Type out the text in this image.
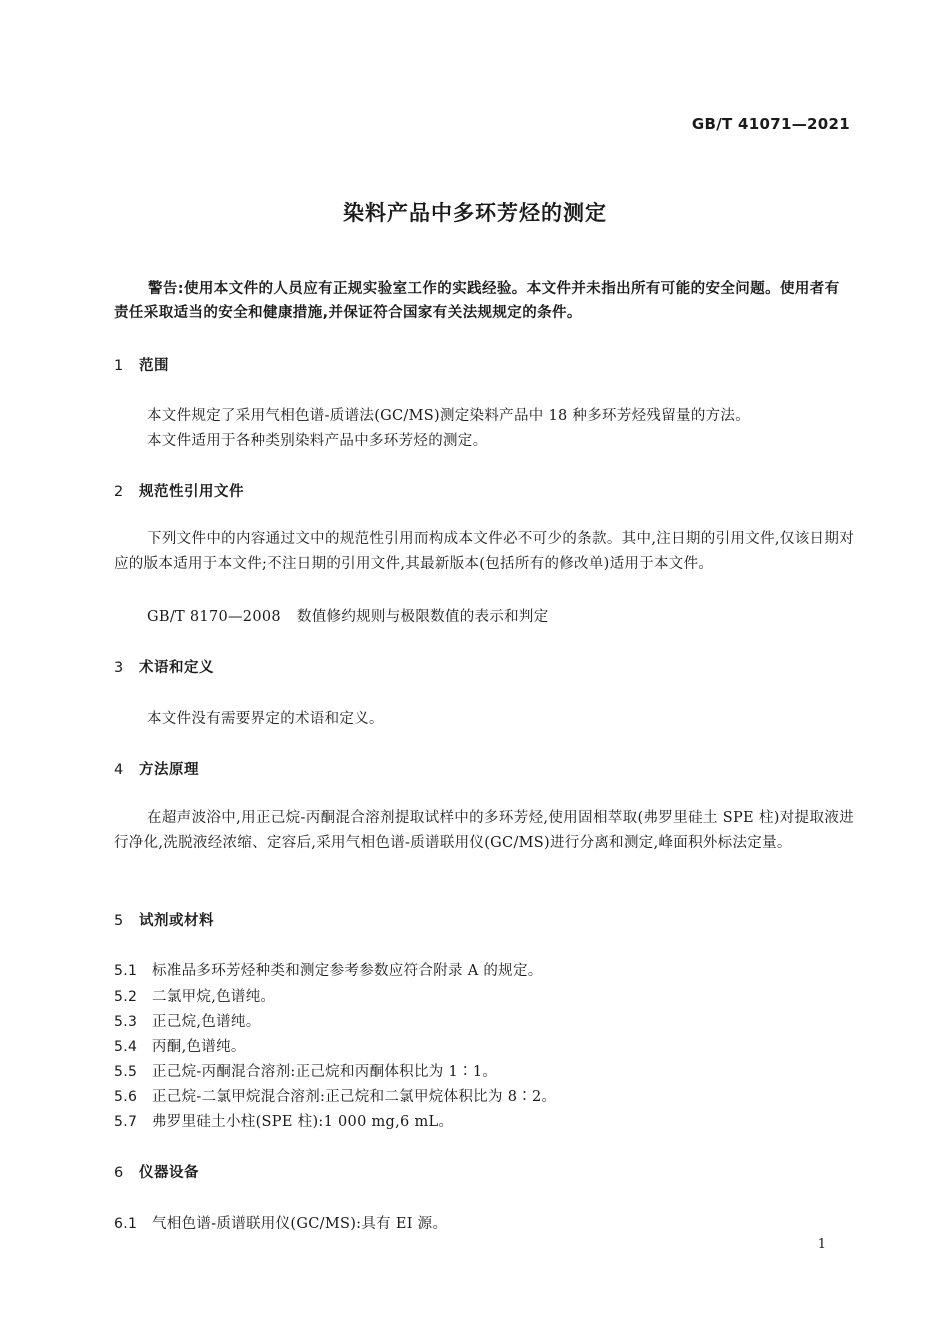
GB/T 41071—2021
染料产品中多环芳烃的测定
警告:使用本文件的人员应有正规实验室工作的实践经验。本文件并未指出所有可能的安全问题。使用者有责任采取适当的安全和健康措施,并保证符合国家有关法规规定的条件。
1 范围
本文件规定了采用气相色谱-质谱法(GC/MS)测定染料产品中 18 种多环芳烃残留量的方法。
本文件适用于各种类别染料产品中多环芳烃的测定。
2 规范性引用文件

下列文件中的内容通过文中的规范性引用而构成本文件必不可少的条款。其中,注日期的引用文件,仅该日期对应的版本适用于本文件;不注日期的引用文件,其最新版本(包括所有的修改单)适用于本文件。

GB/T 8170—2008 数值修约规则与极限数值的表示和判定
3 术语和定义
本文件没有需要界定的术语和定义。
4 方法原理

在超声波浴中,用正己烷-丙酮混合溶剂提取试样中的多环芳烃,使用固相萃取(弗罗里硅土 SPE 柱)对提取液进行净化,洗脱液经浓缩、定容后,采用气相色谱-质谱联用仪(GC/MS)进行分离和测定,峰面积外标法定量。

5 试剂或材料
5.1 标准品多环芳烃种类和测定参考参数应符合附录 A 的规定。
5.2 二氯甲烷,色谱纯。
5.3 正己烷,色谱纯。
5.4 丙酮,色谱纯。
5.5 正己烷-丙酮混合溶剂:正己烷和丙酮体积比为 1∶1。
5.6 正己烷-二氯甲烷混合溶剂:正己烷和二氯甲烷体积比为 8∶2。
5.7 弗罗里硅土小柱(SPE 柱):1 000 mg,6 mL。
6 仪器设备
6.1 气相色谱-质谱联用仪(GC/MS):具有 EI 源。
1
